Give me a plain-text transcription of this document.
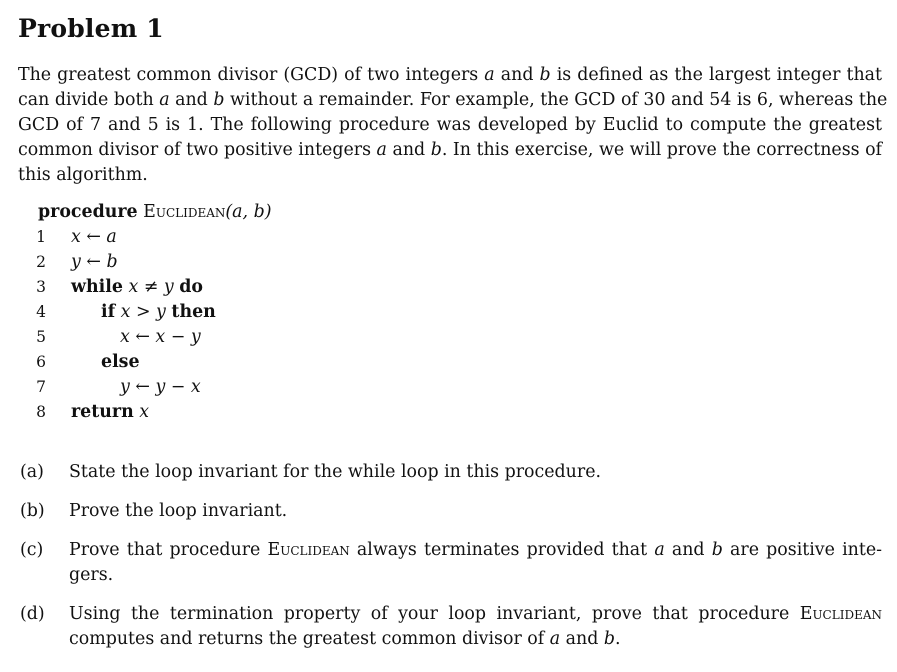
Problem 1
The greatest common divisor (GCD) of two integers a and b is defined as the largest integer that
can divide both a and b without a remainder. For example, the GCD of 30 and 54 is 6, whereas the
GCD of 7 and 5 is 1. The following procedure was developed by Euclid to compute the greatest
common divisor of two positive integers a and b. In this exercise, we will prove the correctness of
this algorithm.
procedure Euclidean(a, b)
1 x ← a
2 y ← b
3 while x ≠ y do
4	if x > y then
5	x ← x − y
6	else
7	y ← y − x
8 return x
(a) State the loop invariant for the while loop in this procedure.
(b) Prove the loop invariant.
(c) Prove that procedure Euclidean always terminates provided that a and b are positive inte-
gers.
(d) Using the termination property of your loop invariant, prove that procedure Euclidean
computes and returns the greatest common divisor of a and b.
